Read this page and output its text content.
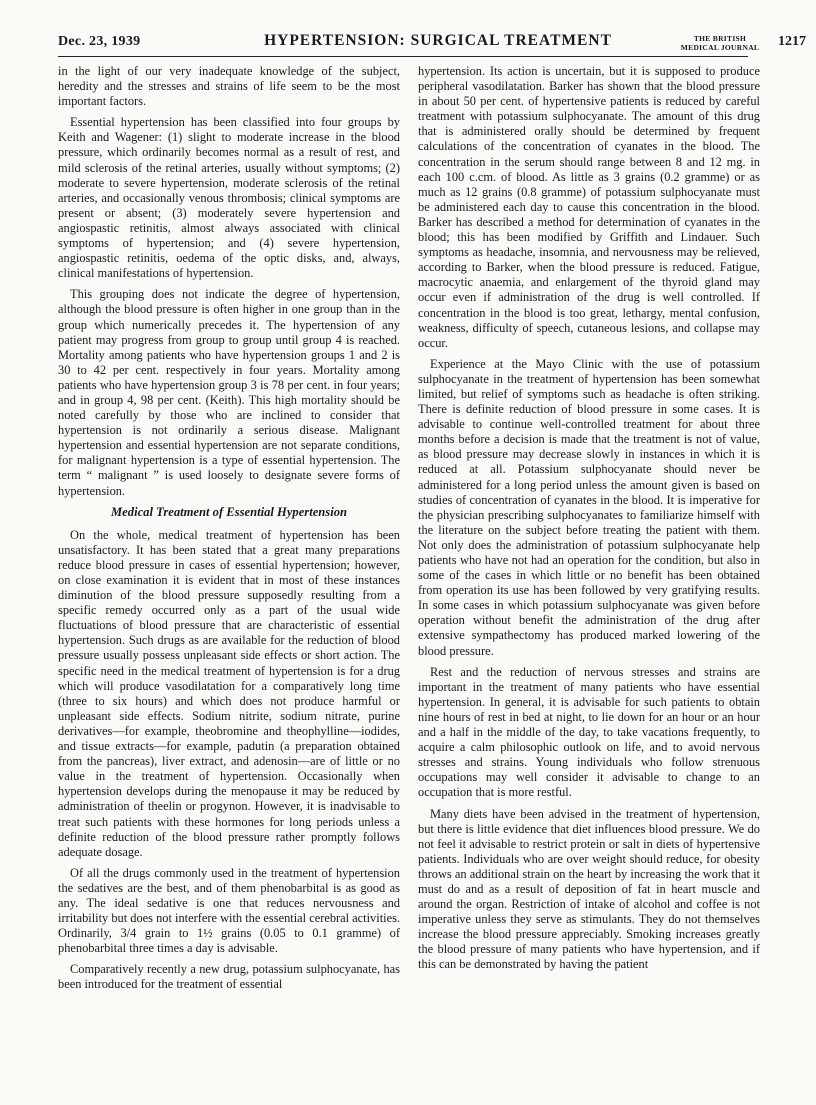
Dec. 23, 1939	HYPERTENSION: SURGICAL TREATMENT	THE BRITISH
MEDICAL JOURNAL	1217

in the light of our very inadequate knowledge of the subject, heredity and the stresses and strains of life seem to be the most important factors.

Essential hypertension has been classified into four groups by Keith and Wagener: (1) slight to moderate increase in the blood pressure, which ordinarily becomes normal as a result of rest, and mild sclerosis of the retinal arteries, usually without symptoms; (2) moderate to severe hypertension, moderate sclerosis of the retinal arteries, and occasionally venous thrombosis; clinical symptoms are present or absent; (3) moderately severe hypertension and angiospastic retinitis, almost always associated with clinical symptoms of hypertension; and (4) severe hypertension, angiospastic retinitis, oedema of the optic disks, and, always, clinical manifestations of hypertension.

This grouping does not indicate the degree of hypertension, although the blood pressure is often higher in one group than in the group which numerically precedes it. The hypertension of any patient may progress from group to group until group 4 is reached. Mortality among patients who have hypertension groups 1 and 2 is 30 to 42 per cent. respectively in four years. Mortality among patients who have hypertension group 3 is 78 per cent. in four years; and in group 4, 98 per cent. (Keith). This high mortality should be noted carefully by those who are inclined to consider that hypertension is not ordinarily a serious disease. Malignant hypertension and essential hypertension are not separate conditions, for malignant hypertension is a type of essential hypertension. The term “ malignant ” is used loosely to designate severe forms of hypertension.

Medical Treatment of Essential Hypertension

On the whole, medical treatment of hypertension has been unsatisfactory. It has been stated that a great many preparations reduce blood pressure in cases of essential hypertension; however, on close examination it is evident that in most of these instances diminution of the blood pressure supposedly resulting from a specific remedy occurred only as a part of the usual wide fluctuations of blood pressure that are characteristic of essential hypertension. Such drugs as are available for the reduction of blood pressure usually possess unpleasant side effects or short action. The specific need in the medical treatment of hypertension is for a drug which will produce vasodilatation for a comparatively long time (three to six hours) and which does not produce harmful or unpleasant side effects. Sodium nitrite, sodium nitrate, purine derivatives—for example, theobromine and theophylline—iodides, and tissue extracts—for example, padutin (a preparation obtained from the pancreas), liver extract, and adenosin—are of little or no value in the treatment of hypertension. Occasionally when hypertension develops during the menopause it may be reduced by administration of theelin or progynon. However, it is inadvisable to treat such patients with these hormones for long periods unless a definite reduction of the blood pressure rather promptly follows adequate dosage.

Of all the drugs commonly used in the treatment of hypertension the sedatives are the best, and of them phenobarbital is as good as any. The ideal sedative is one that reduces nervousness and irritability but does not interfere with the essential cerebral activities. Ordinarily, 3/4 grain to 1½ grains (0.05 to 0.1 gramme) of phenobarbital three times a day is advisable.

Comparatively recently a new drug, potassium sulphocyanate, has been introduced for the treatment of essential

hypertension. Its action is uncertain, but it is supposed to produce peripheral vasodilatation. Barker has shown that the blood pressure in about 50 per cent. of hypertensive patients is reduced by careful treatment with potassium sulphocyanate. The amount of this drug that is administered orally should be determined by frequent calculations of the concentration of cyanates in the blood. The concentration in the serum should range between 8 and 12 mg. in each 100 c.cm. of blood. As little as 3 grains (0.2 gramme) or as much as 12 grains (0.8 gramme) of potassium sulphocyanate must be administered each day to cause this concentration in the blood. Barker has described a method for determination of cyanates in the blood; this has been modified by Griffith and Lindauer. Such symptoms as headache, insomnia, and nervousness may be relieved, according to Barker, when the blood pressure is reduced. Fatigue, macrocytic anaemia, and enlargement of the thyroid gland may occur even if administration of the drug is well controlled. If concentration in the blood is too great, lethargy, mental confusion, weakness, difficulty of speech, cutaneous lesions, and collapse may occur.

Experience at the Mayo Clinic with the use of potassium sulphocyanate in the treatment of hypertension has been somewhat limited, but relief of symptoms such as headache is often striking. There is definite reduction of blood pressure in some cases. It is advisable to continue well-controlled treatment for about three months before a decision is made that the treatment is not of value, as blood pressure may decrease slowly in instances in which it is reduced at all. Potassium sulphocyanate should never be administered for a long period unless the amount given is based on studies of concentration of cyanates in the blood. It is imperative for the physician prescribing sulphocyanates to familiarize himself with the literature on the subject before treating the patient with them. Not only does the administration of potassium sulphocyanate help patients who have not had an operation for the condition, but also in some of the cases in which little or no benefit has been obtained from operation its use has been followed by very gratifying results. In some cases in which potassium sulphocyanate was given before operation without benefit the administration of the drug after extensive sympathectomy has produced marked lowering of the blood pressure.

Rest and the reduction of nervous stresses and strains are important in the treatment of many patients who have essential hypertension. In general, it is advisable for such patients to obtain nine hours of rest in bed at night, to lie down for an hour or an hour and a half in the middle of the day, to take vacations frequently, to acquire a calm philosophic outlook on life, and to avoid nervous stresses and strains. Young individuals who follow strenuous occupations may well consider it advisable to change to an occupation that is more restful.

Many diets have been advised in the treatment of hypertension, but there is little evidence that diet influences blood pressure. We do not feel it advisable to restrict protein or salt in diets of hypertensive patients. Individuals who are over weight should reduce, for obesity throws an additional strain on the heart by increasing the work that it must do and as a result of deposition of fat in heart muscle and around the organ. Restriction of intake of alcohol and coffee is not imperative unless they serve as stimulants. They do not themselves increase the blood pressure appreciably. Smoking increases greatly the blood pressure of many patients who have hypertension, and if this can be demonstrated by having the patient
